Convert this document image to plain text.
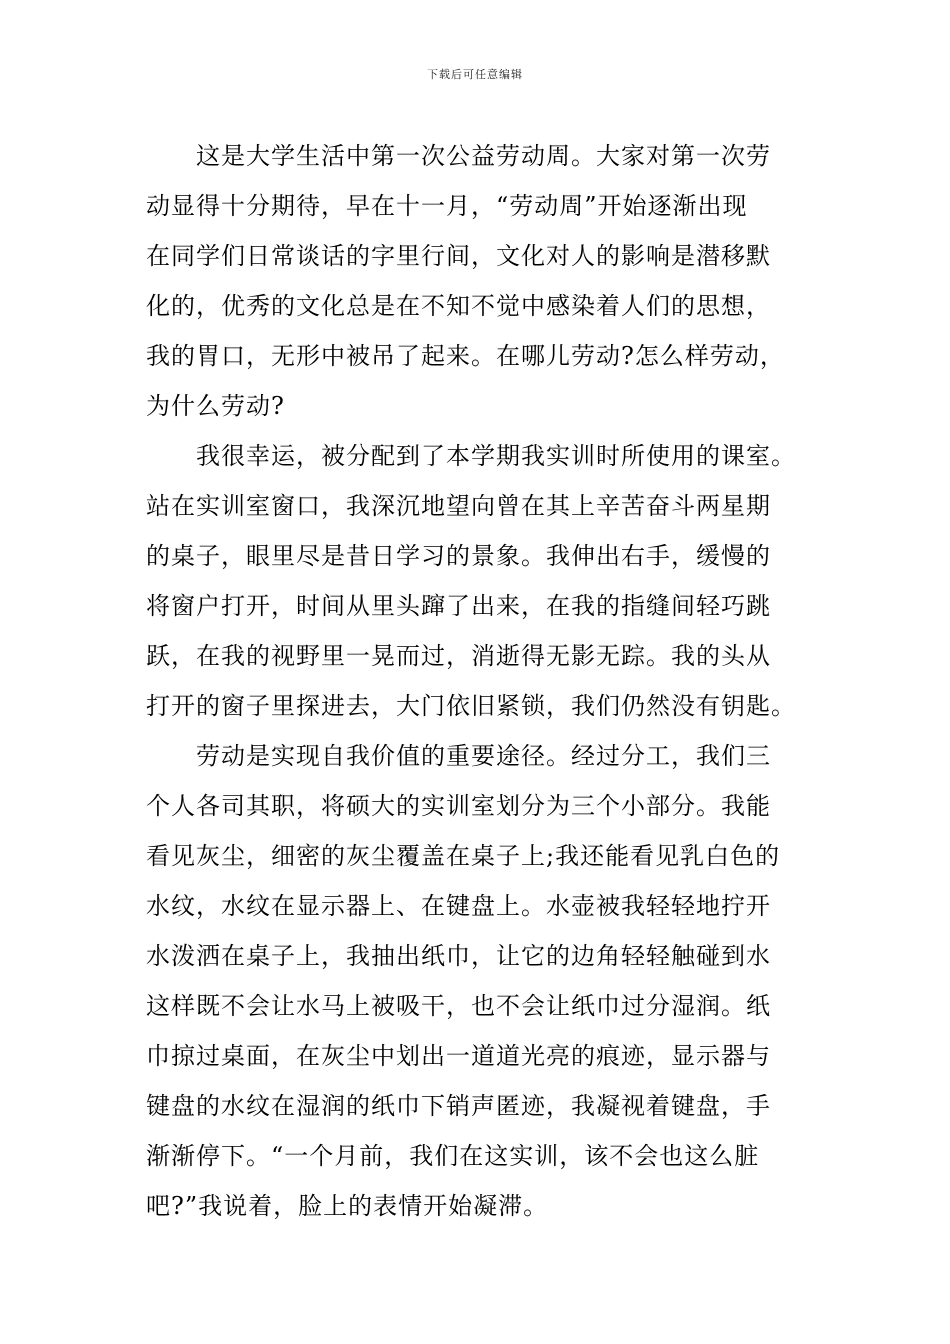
下载后可任意编辑
这是大学生活中第一次公益劳动周。大家对第一次劳
动显得十分期待，早在十一月，“劳动周”开始逐渐出现
在同学们日常谈话的字里行间，文化对人的影响是潜移默
化的，优秀的文化总是在不知不觉中感染着人们的思想，
我的胃口，无形中被吊了起来。在哪儿劳动?怎么样劳动，
为什么劳动?
我很幸运，被分配到了本学期我实训时所使用的课室。
站在实训室窗口，我深沉地望向曾在其上辛苦奋斗两星期
的桌子，眼里尽是昔日学习的景象。我伸出右手，缓慢的
将窗户打开，时间从里头蹿了出来，在我的指缝间轻巧跳
跃，在我的视野里一晃而过，消逝得无影无踪。我的头从
打开的窗子里探进去，大门依旧紧锁，我们仍然没有钥匙。
劳动是实现自我价值的重要途径。经过分工，我们三
个人各司其职，将硕大的实训室划分为三个小部分。我能
看见灰尘，细密的灰尘覆盖在桌子上;我还能看见乳白色的
水纹，水纹在显示器上、在键盘上。水壶被我轻轻地拧开
水泼洒在桌子上，我抽出纸巾，让它的边角轻轻触碰到水
这样既不会让水马上被吸干，也不会让纸巾过分湿润。纸
巾掠过桌面，在灰尘中划出一道道光亮的痕迹，显示器与
键盘的水纹在湿润的纸巾下销声匿迹，我凝视着键盘，手
渐渐停下。“一个月前，我们在这实训，该不会也这么脏
吧?”我说着，脸上的表情开始凝滞。
